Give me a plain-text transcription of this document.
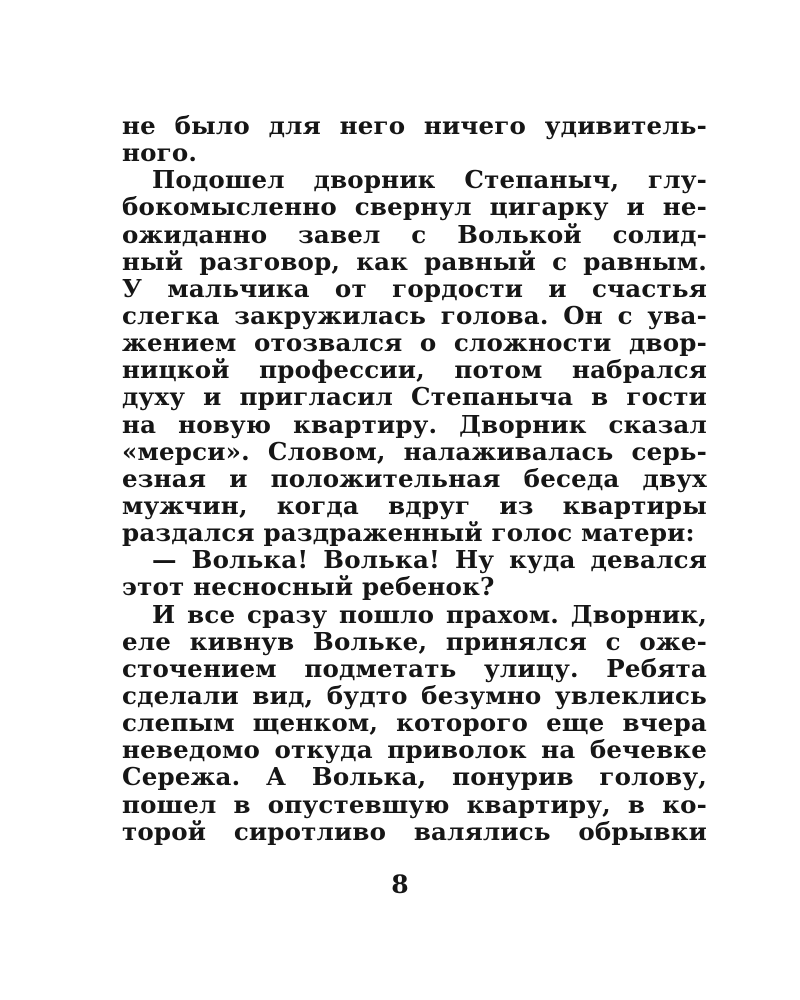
не было для него ничего удивитель-
ного.
Подошел дворник Степаныч, глу-
бокомысленно свернул цигарку и не-
ожиданно завел с Волькой солид-
ный разговор, как равный с равным.
У мальчика от гордости и счастья
слегка закружилась голова. Он с ува-
жением отозвался о сложности двор-
ницкой профессии, потом набрался
духу и пригласил Степаныча в гости
на новую квартиру. Дворник сказал
«мерси». Словом, налаживалась серь-
езная и положительная беседа двух
мужчин, когда вдруг из квартиры
раздался раздраженный голос матери:
— Волька! Волька! Ну куда девался
этот несносный ребенок?
И все сразу пошло прахом. Дворник,
еле кивнув Вольке, принялся с оже-
сточением подметать улицу. Ребята
сделали вид, будто безумно увлеклись
слепым щенком, которого еще вчера
неведомо откуда приволок на бечевке
Сережа. А Волька, понурив голову,
пошел в опустевшую квартиру, в ко-
торой сиротливо валялись обрывки
8
